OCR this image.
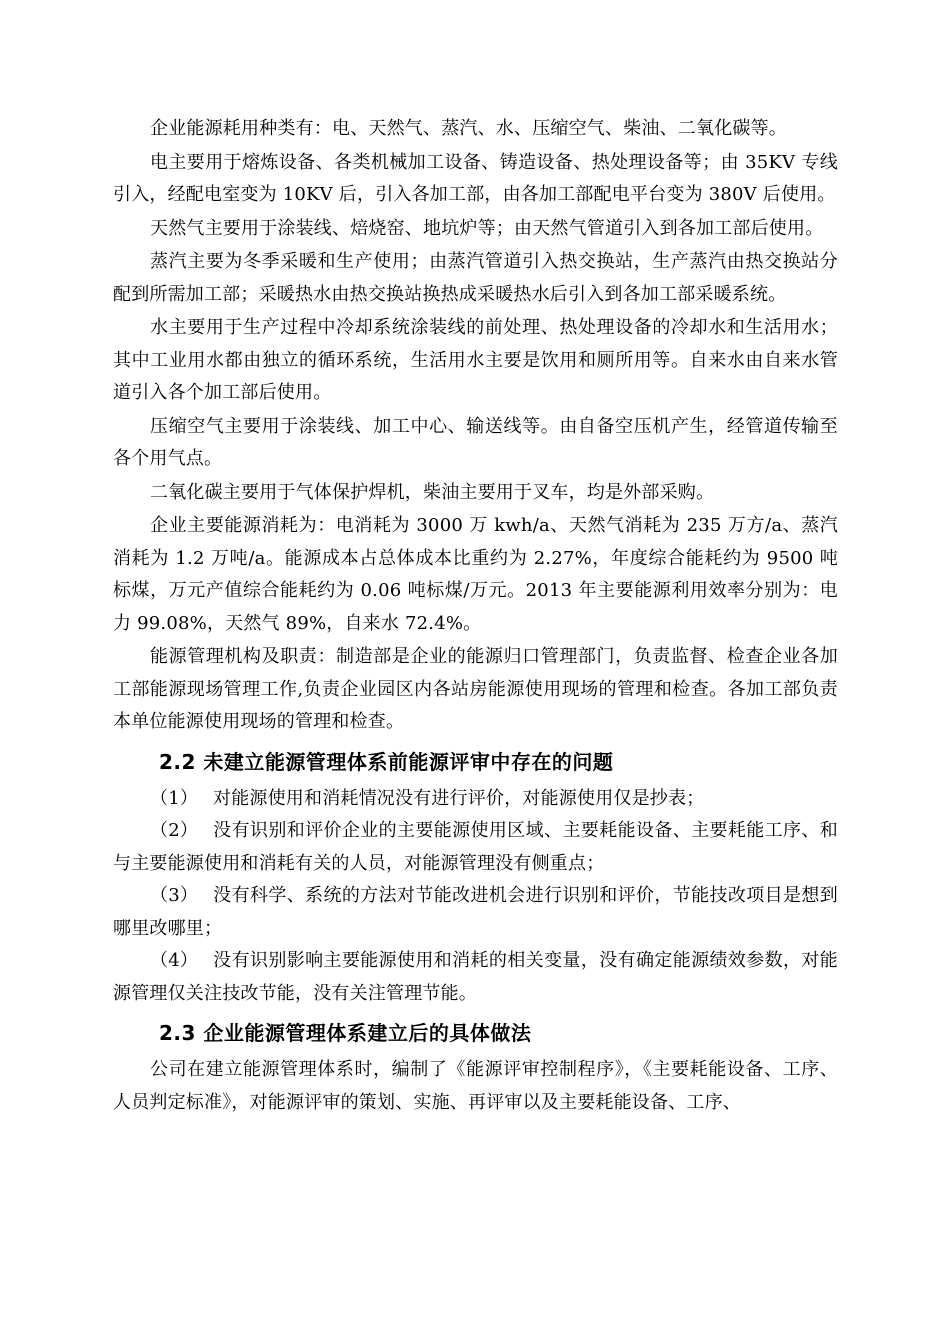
企业能源耗用种类有：电、天然气、蒸汽、水、压缩空气、柴油、二氧化碳等。

电主要用于熔炼设备、各类机械加工设备、铸造设备、热处理设备等；由 35KV 专线引入，经配电室变为 10KV 后，引入各加工部，由各加工部配电平台变为 380V 后使用。

天然气主要用于涂装线、焙烧窑、地坑炉等；由天然气管道引入到各加工部后使用。

蒸汽主要为冬季采暖和生产使用；由蒸汽管道引入热交换站，生产蒸汽由热交换站分配到所需加工部；采暖热水由热交换站换热成采暖热水后引入到各加工部采暖系统。

水主要用于生产过程中冷却系统涂装线的前处理、热处理设备的冷却水和生活用水；其中工业用水都由独立的循环系统，生活用水主要是饮用和厕所用等。自来水由自来水管道引入各个加工部后使用。

压缩空气主要用于涂装线、加工中心、输送线等。由自备空压机产生，经管道传输至各个用气点。

二氧化碳主要用于气体保护焊机，柴油主要用于叉车，均是外部采购。

企业主要能源消耗为：电消耗为 3000 万 kwh/a、天然气消耗为 235 万方/a、蒸汽消耗为 1.2 万吨/a。能源成本占总体成本比重约为 2.27%，年度综合能耗约为 9500 吨标煤，万元产值综合能耗约为 0.06 吨标煤/万元。2013 年主要能源利用效率分别为：电力 99.08%，天然气 89%，自来水 72.4%。

能源管理机构及职责：制造部是企业的能源归口管理部门，负责监督、检查企业各加工部能源现场管理工作,负责企业园区内各站房能源使用现场的管理和检查。各加工部负责本单位能源使用现场的管理和检查。

2.2 未建立能源管理体系前能源评审中存在的问题

（1） 对能源使用和消耗情况没有进行评价，对能源使用仅是抄表；

（2） 没有识别和评价企业的主要能源使用区域、主要耗能设备、主要耗能工序、和与主要能源使用和消耗有关的人员，对能源管理没有侧重点；

（3） 没有科学、系统的方法对节能改进机会进行识别和评价，节能技改项目是想到哪里改哪里；

（4） 没有识别影响主要能源使用和消耗的相关变量，没有确定能源绩效参数，对能源管理仅关注技改节能，没有关注管理节能。

2.3 企业能源管理体系建立后的具体做法

公司在建立能源管理体系时，编制了《能源评审控制程序》，《主要耗能设备、工序、人员判定标准》，对能源评审的策划、实施、再评审以及主要耗能设备、工序、
